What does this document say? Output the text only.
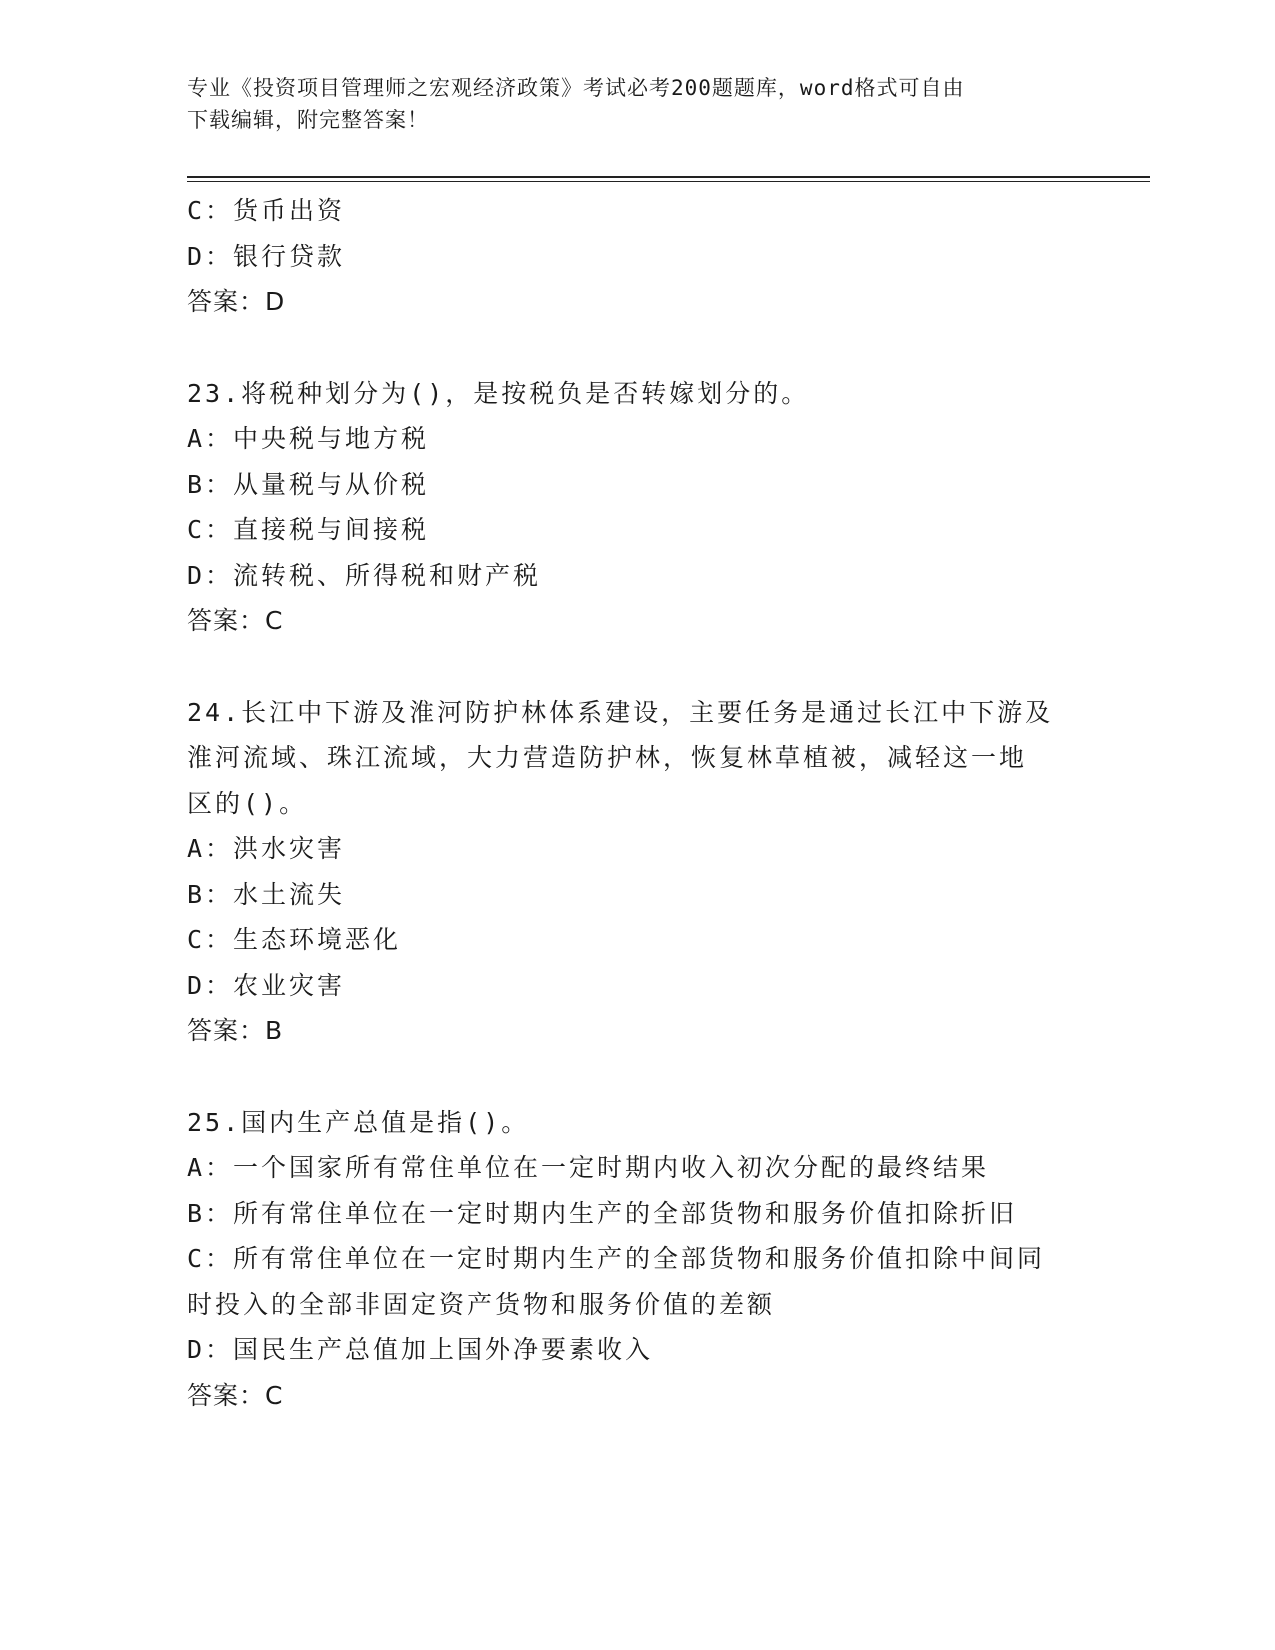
专业《投资项目管理师之宏观经济政策》考试必考200题题库，word格式可自由
下载编辑，附完整答案！
C：货币出资
D：银行贷款
答案：D
23.将税种划分为()，是按税负是否转嫁划分的。
A：中央税与地方税
B：从量税与从价税
C：直接税与间接税
D：流转税、所得税和财产税
答案：C
24.长江中下游及淮河防护林体系建设，主要任务是通过长江中下游及
淮河流域、珠江流域，大力营造防护林，恢复林草植被，减轻这一地
区的()。
A：洪水灾害
B：水土流失
C：生态环境恶化
D：农业灾害
答案：B
25.国内生产总值是指()。
A：一个国家所有常住单位在一定时期内收入初次分配的最终结果
B：所有常住单位在一定时期内生产的全部货物和服务价值扣除折旧
C：所有常住单位在一定时期内生产的全部货物和服务价值扣除中间同
时投入的全部非固定资产货物和服务价值的差额
D：国民生产总值加上国外净要素收入
答案：C
